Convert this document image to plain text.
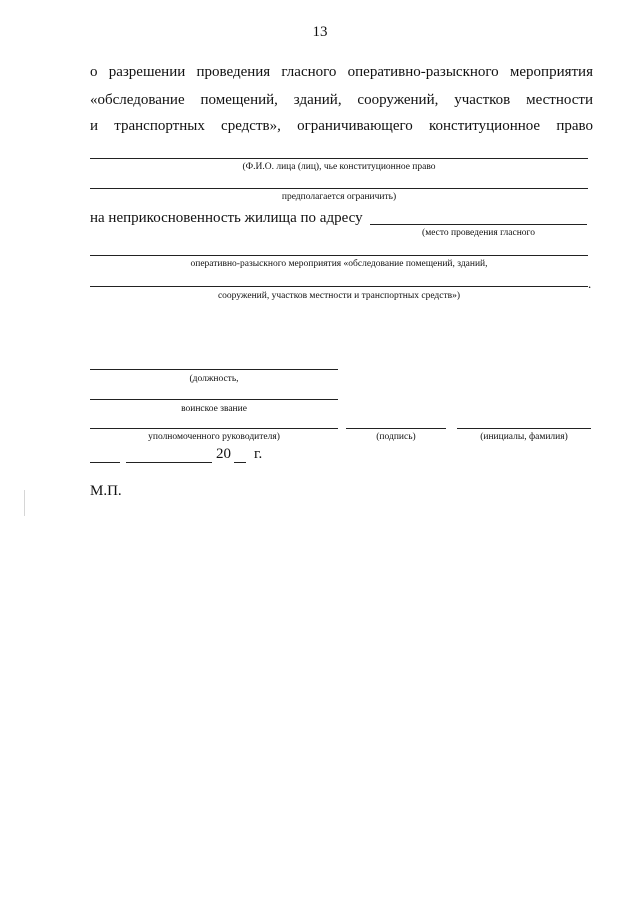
13
о разрешении проведения гласного оперативно-разыскного мероприятия
«обследование помещений, зданий, сооружений, участков местности
и транспортных средств», ограничивающего конституционное право
(Ф.И.О. лица (лиц), чье конституционное право
предполагается ограничить)
на неприкосновенность жилища по адресу
(место проведения гласного
оперативно-разыскного мероприятия «обследование помещений, зданий,
.
сооружений, участков местности и транспортных средств»)
(должность,
воинское звание
уполномоченного руководителя)	(подпись)	(инициалы, фамилия)
20 г.
М.П.
